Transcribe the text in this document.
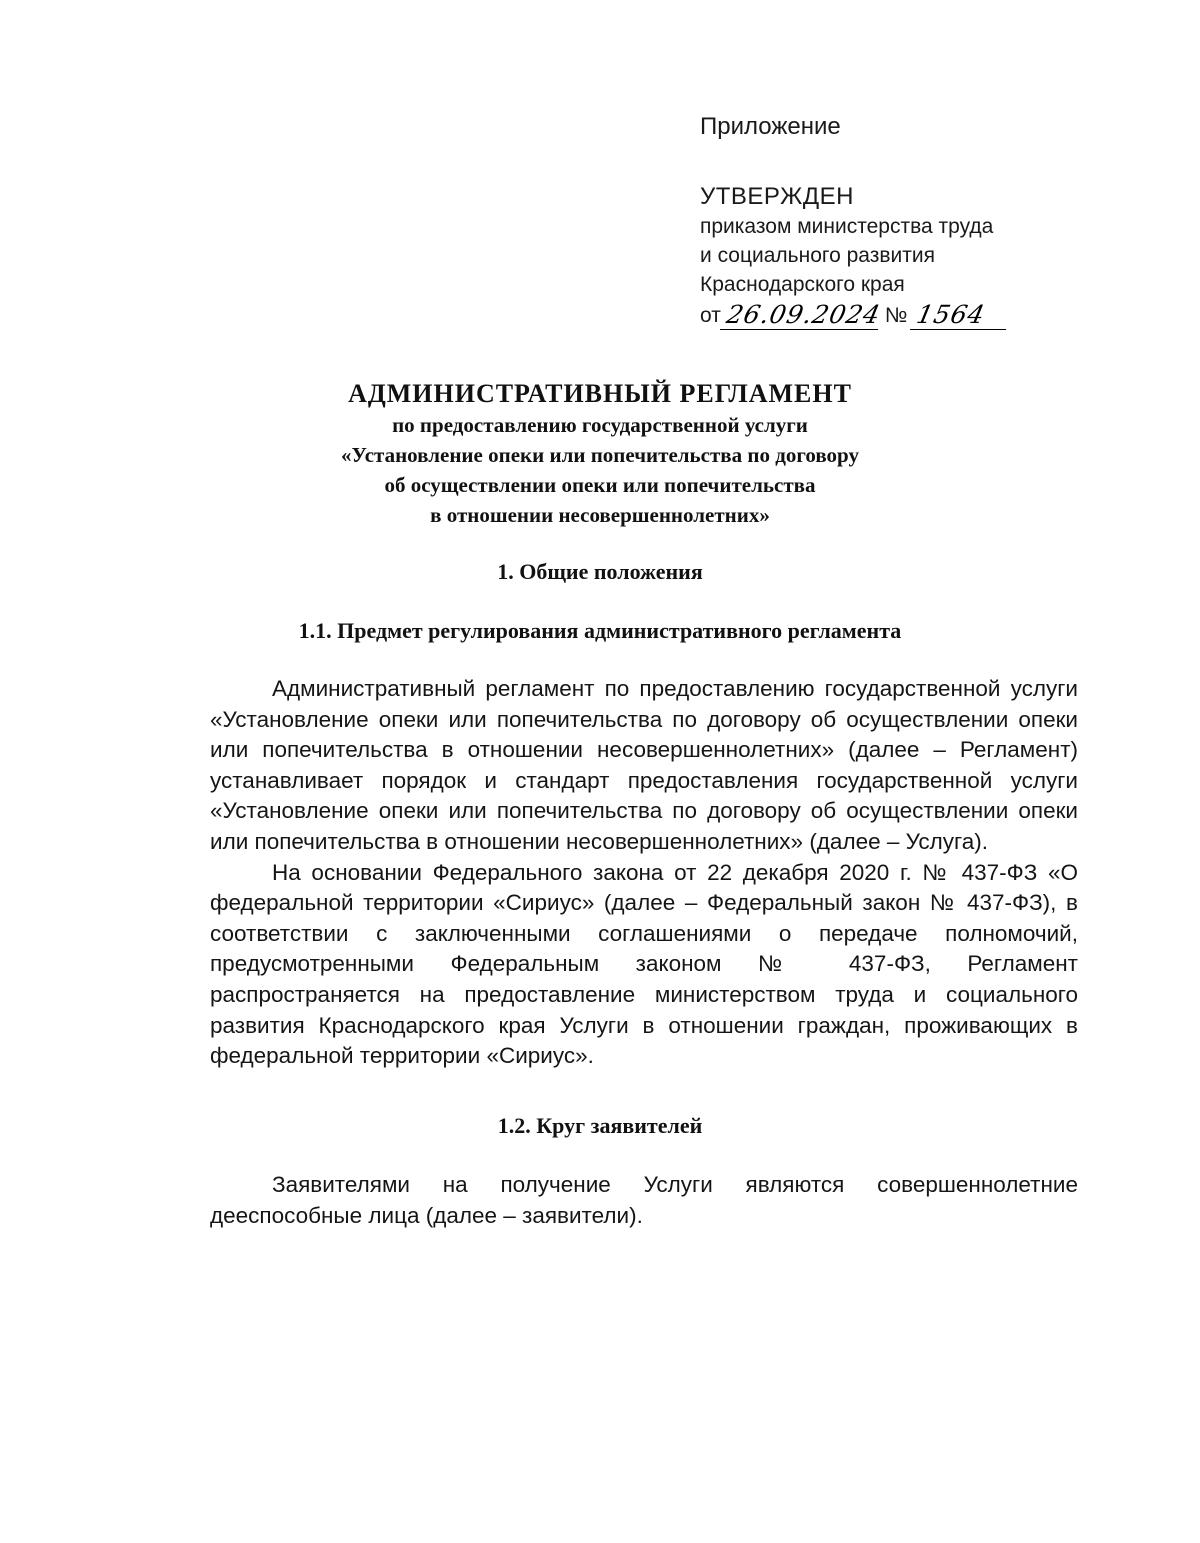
Приложение
УТВЕРЖДЕН
приказом министерства труда
и социального развития
Краснодарского края
от 26.09.2024 № 1564
АДМИНИСТРАТИВНЫЙ РЕГЛАМЕНТ
по предоставлению государственной услуги
«Установление опеки или попечительства по договору
об осуществлении опеки или попечительства
в отношении несовершеннолетних»
1. Общие положения
1.1. Предмет регулирования административного регламента

Административный регламент по предоставлению государственной услуги «Установление опеки или попечительства по договору об осуществлении опеки или попечительства в отношении несовершеннолетних» (далее – Регламент) устанавливает порядок и стандарт предоставления государственной услуги «Установление опеки или попечительства по договору об осуществлении опеки или попечительства в отношении несовершеннолетних» (далее – Услуга).

На основании Федерального закона от 22 декабря 2020 г. № 437-ФЗ «О федеральной территории «Сириус» (далее – Федеральный закон № 437-ФЗ), в соответствии с заключенными соглашениями о передаче полномочий, предусмотренными Федеральным законом № 437-ФЗ, Регламент распространяется на предоставление министерством труда и социального развития Краснодарского края Услуги в отношении граждан, проживающих в федеральной территории «Сириус».

1.2. Круг заявителей

Заявителями на получение Услуги являются совершеннолетние дееспособные лица (далее – заявители).
